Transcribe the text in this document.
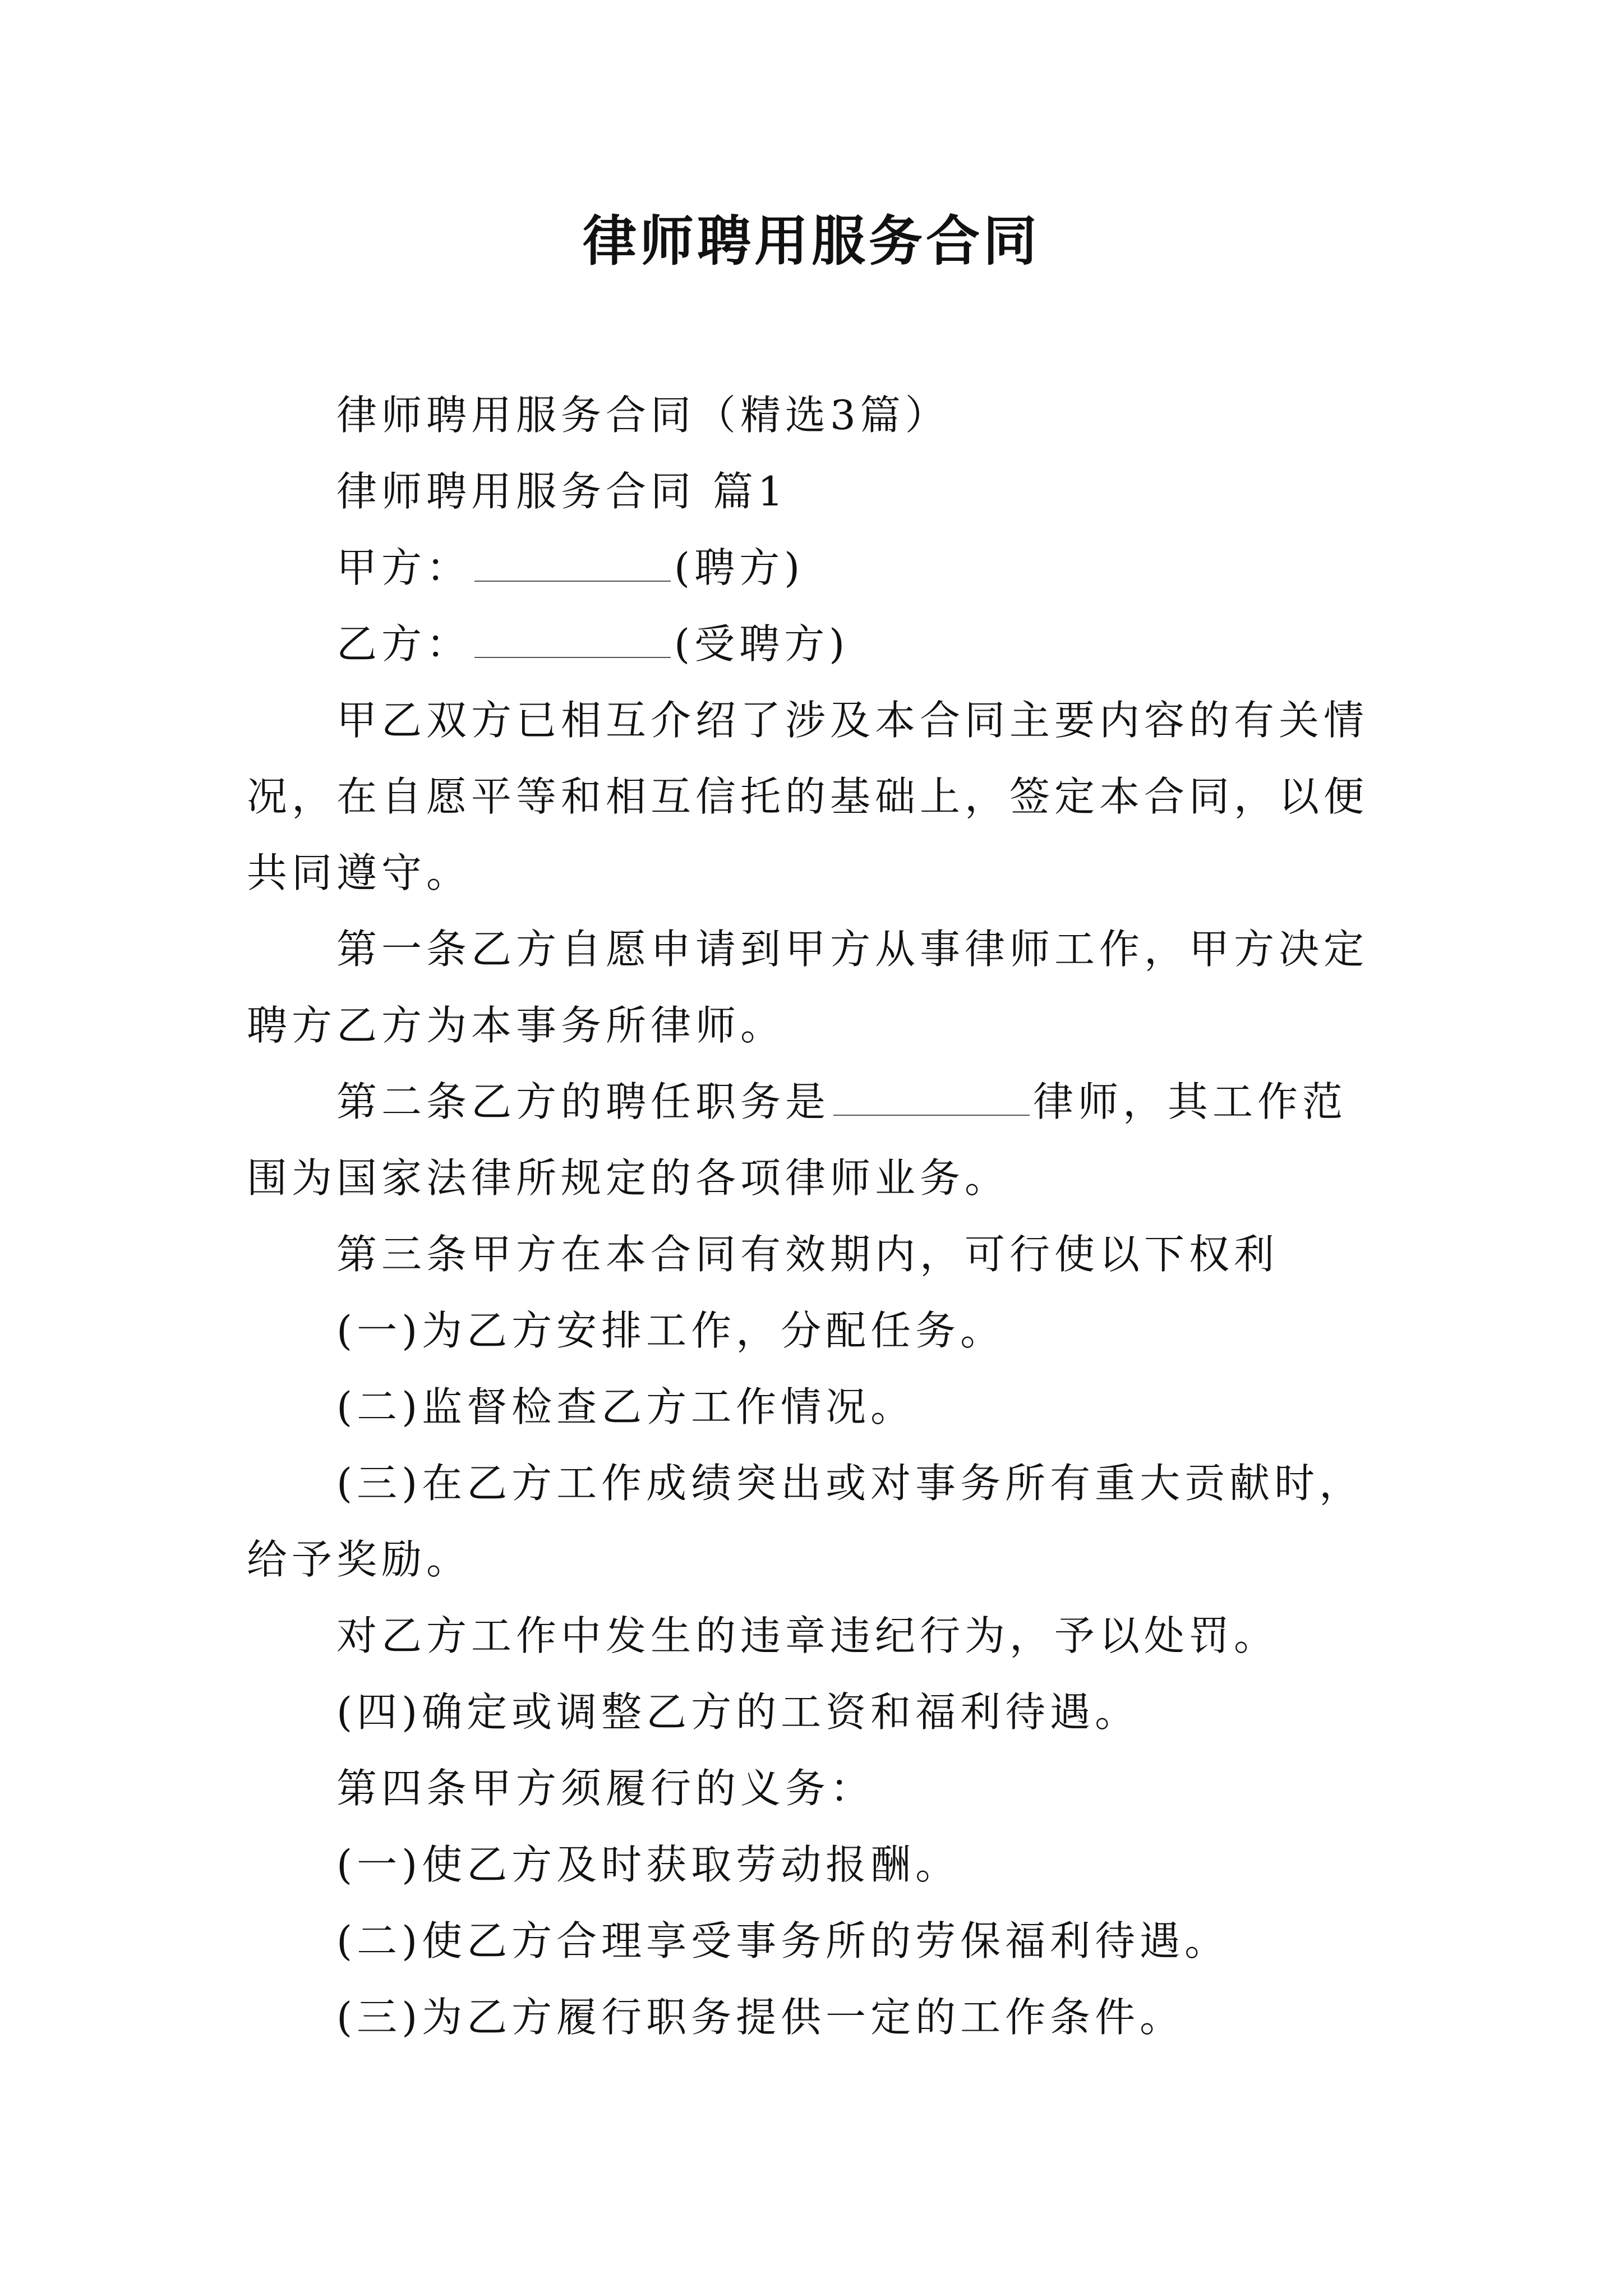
律师聘用服务合同

律师聘用服务合同（精选3篇）

律师聘用服务合同 篇1

甲方：	(聘方)

乙方：	(受聘方)

甲乙双方已相互介绍了涉及本合同主要内容的有关情况，在自愿平等和相互信托的基础上，签定本合同，以便共同遵守。

第一条乙方自愿申请到甲方从事律师工作，甲方决定聘方乙方为本事务所律师。

第二条乙方的聘任职务是	律师，其工作范围为国家法律所规定的各项律师业务。

第三条甲方在本合同有效期内，可行使以下权利

(一)为乙方安排工作，分配任务。

(二)监督检查乙方工作情况。

(三)在乙方工作成绩突出或对事务所有重大贡献时，给予奖励。

对乙方工作中发生的违章违纪行为，予以处罚。

(四)确定或调整乙方的工资和福利待遇。

第四条甲方须履行的义务：

(一)使乙方及时获取劳动报酬。

(二)使乙方合理享受事务所的劳保福利待遇。

(三)为乙方履行职务提供一定的工作条件。
